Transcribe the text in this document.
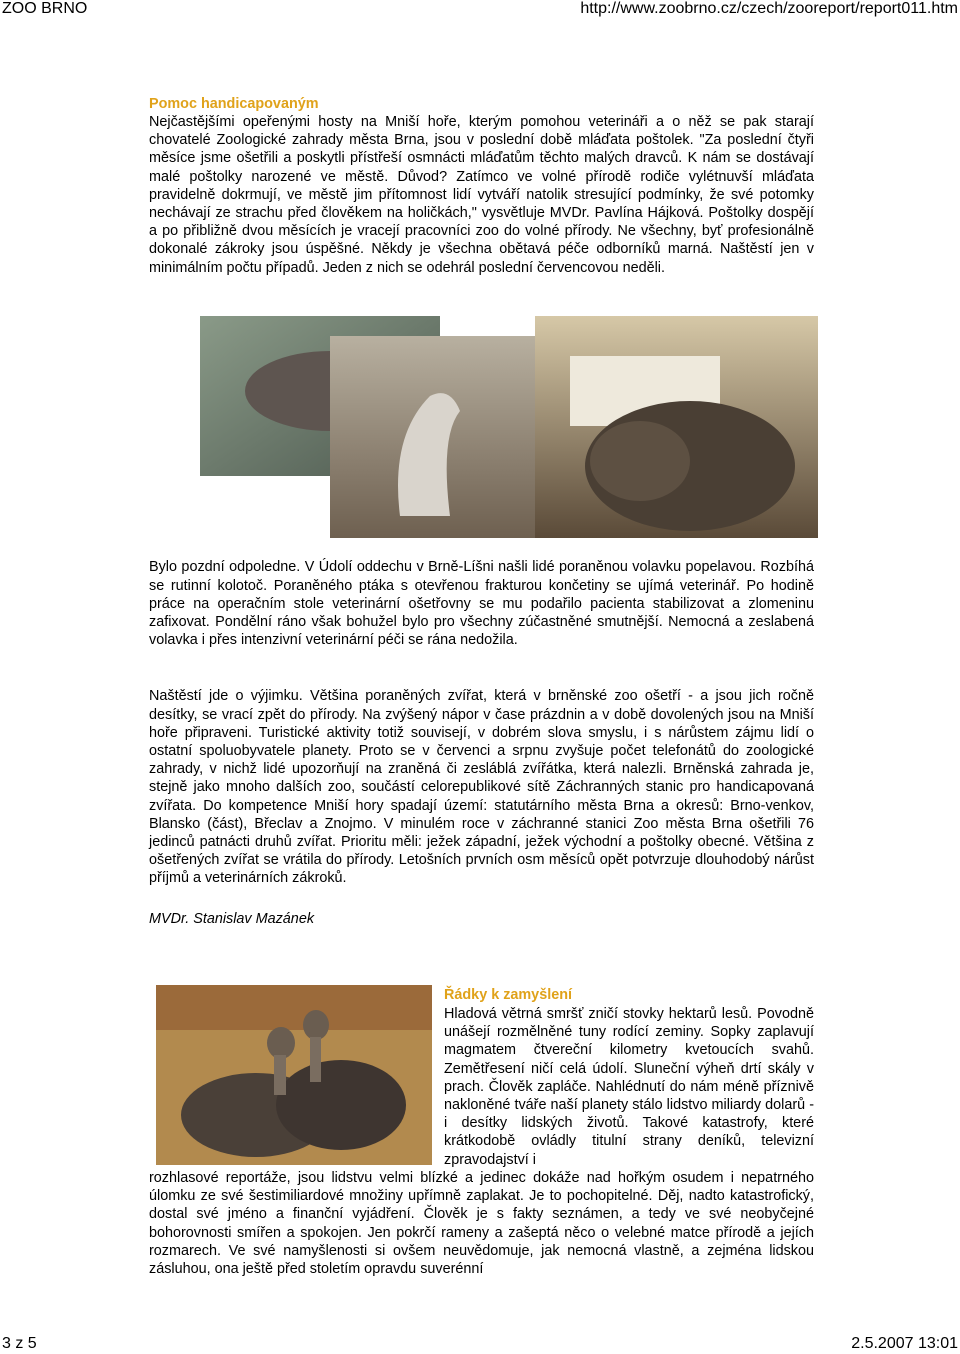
ZOO BRNO	http://www.zoobrno.cz/czech/zooreport/report011.htm
Pomoc handicapovaným

Nejčastějšími opeřenými hosty na Mniší hoře, kterým pomohou veterináři a o něž se pak starají chovatelé Zoologické zahrady města Brna, jsou v poslední době mláďata poštolek. "Za poslední čtyři měsíce jsme ošetřili a poskytli přístřeší osmnácti mláďatům těchto malých dravců. K nám se dostávají malé poštolky narozené ve městě. Důvod? Zatímco ve volné přírodě rodiče vylétnuvší mláďata pravidelně dokrmují, ve městě jim přítomnost lidí vytváří natolik stresující podmínky, že své potomky nechávají ze strachu před člověkem na holičkách," vysvětluje MVDr. Pavlína Hájková. Poštolky dospějí a po přibližně dvou měsících je vracejí pracovníci zoo do volné přírody. Ne všechny, byť profesionálně dokonalé zákroky jsou úspěšné. Někdy je všechna obětavá péče odborníků marná. Naštěstí jen v minimálním počtu případů. Jeden z nich se odehrál poslední červencovou neděli.

Bylo pozdní odpoledne. V Údolí oddechu v Brně-Líšni našli lidé poraněnou volavku popelavou. Rozbíhá se rutinní kolotoč. Poraněného ptáka s otevřenou frakturou končetiny se ujímá veterinář. Po hodině práce na operačním stole veterinární ošetřovny se mu podařilo pacienta stabilizovat a zlomeninu zafixovat. Pondělní ráno však bohužel bylo pro všechny zúčastněné smutnější. Nemocná a zeslabená volavka i přes intenzivní veterinární péči se rána nedožila.

Naštěstí jde o výjimku. Většina poraněných zvířat, která v brněnské zoo ošetří - a jsou jich ročně desítky, se vrací zpět do přírody. Na zvýšený nápor v čase prázdnin a v době dovolených jsou na Mniší hoře připraveni. Turistické aktivity totiž souvisejí, v dobrém slova smyslu, i s nárůstem zájmu lidí o ostatní spoluobyvatele planety. Proto se v červenci a srpnu zvyšuje počet telefonátů do zoologické zahrady, v nichž lidé upozorňují na zraněná či zesláblá zvířátka, která nalezli. Brněnská zahrada je, stejně jako mnoho dalších zoo, součástí celorepublikové sítě Záchranných stanic pro handicapovaná zvířata. Do kompetence Mniší hory spadají území: statutárního města Brna a okresů: Brno-venkov, Blansko (část), Břeclav a Znojmo. V minulém roce v záchranné stanici Zoo města Brna ošetřili 76 jedinců patnácti druhů zvířat. Prioritu měli: ježek západní, ježek východní a poštolky obecné. Většina z ošetřených zvířat se vrátila do přírody. Letošních prvních osm měsíců opět potvrzuje dlouhodobý nárůst příjmů a veterinárních zákroků.

MVDr. Stanislav Mazánek
Řádky k zamyšlení

Hladová větrná smršť zničí stovky hektarů lesů. Povodně unášejí rozmělněné tuny rodící zeminy. Sopky zaplavují magmatem čtvereční kilometry kvetoucích svahů. Zemětřesení ničí celá údolí. Sluneční výheň drtí skály v prach. Člověk zapláče. Nahlédnutí do nám méně příznivě nakloněné tváře naší planety stálo lidstvo miliardy dolarů - i desítky lidských životů. Takové katastrofy, které krátkodobě ovládly titulní strany deníků, televizní zpravodajství i

rozhlasové reportáže, jsou lidstvu velmi blízké a jedinec dokáže nad hořkým osudem i nepatrného úlomku ze své šestimiliardové množiny upřímně zaplakat. Je to pochopitelné. Děj, nadto katastrofický, dostal své jméno a finanční vyjádření. Člověk je s fakty seznámen, a tedy ve své neobyčejné bohorovnosti smířen a spokojen. Jen pokrčí rameny a zašeptá něco o velebné matce přírodě a jejích rozmarech. Ve své namyšlenosti si ovšem neuvědomuje, jak nemocná vlastně, a zejména lidskou zásluhou, ona ještě před stoletím opravdu suverénní

3 z 5	2.5.2007 13:01
